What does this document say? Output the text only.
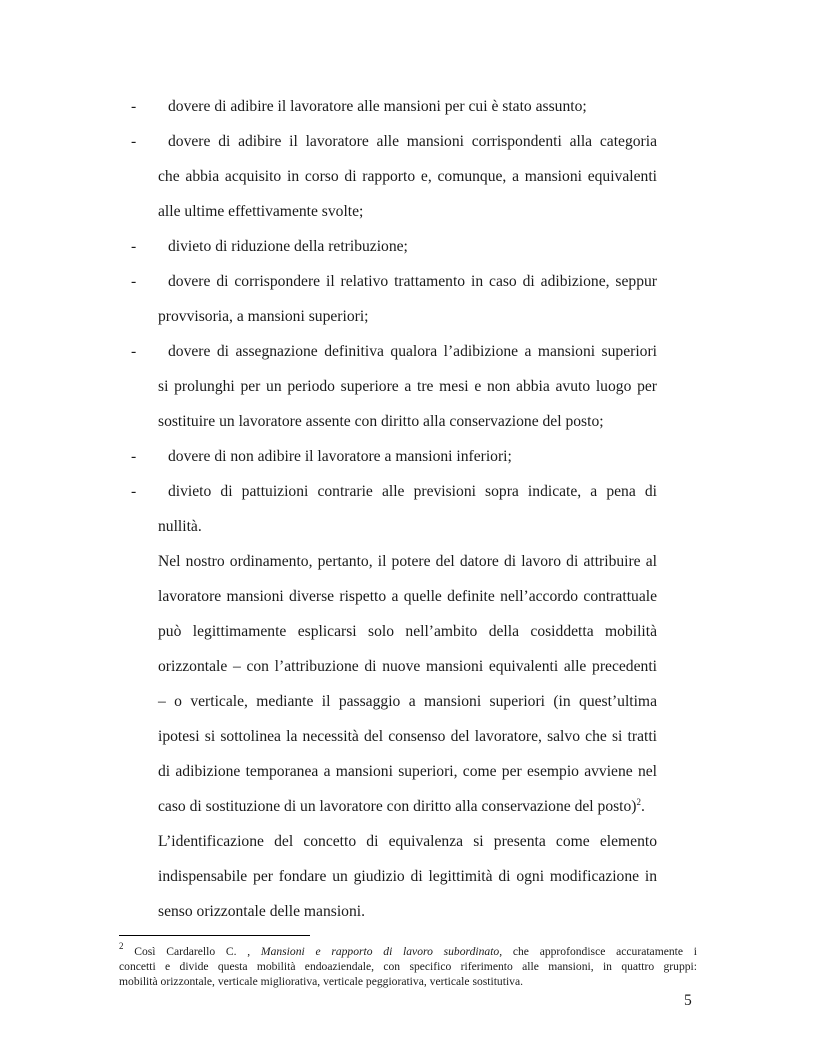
- dovere di adibire il lavoratore alle mansioni per cui è stato assunto;
- dovere di adibire il lavoratore alle mansioni corrispondenti alla categoria
che abbia acquisito in corso di rapporto e, comunque, a mansioni equivalenti
alle ultime effettivamente svolte;
- divieto di riduzione della retribuzione;
- dovere di corrispondere il relativo trattamento in caso di adibizione, seppur
provvisoria, a mansioni superiori;
- dovere di assegnazione definitiva qualora l’adibizione a mansioni superiori
si prolunghi per un periodo superiore a tre mesi e non abbia avuto luogo per
sostituire un lavoratore assente con diritto alla conservazione del posto;
- dovere di non adibire il lavoratore a mansioni inferiori;
- divieto di pattuizioni contrarie alle previsioni sopra indicate, a pena di
nullità.
Nel nostro ordinamento, pertanto, il potere del datore di lavoro di attribuire al
lavoratore mansioni diverse rispetto a quelle definite nell’accordo contrattuale
può legittimamente esplicarsi solo nell’ambito della cosiddetta mobilità
orizzontale – con l’attribuzione di nuove mansioni equivalenti alle precedenti
– o verticale, mediante il passaggio a mansioni superiori (in quest’ultima
ipotesi si sottolinea la necessità del consenso del lavoratore, salvo che si tratti
di adibizione temporanea a mansioni superiori, come per esempio avviene nel
caso di sostituzione di un lavoratore con diritto alla conservazione del posto)$^2$.
L’identificazione del concetto di equivalenza si presenta come elemento
indispensabile per fondare un giudizio di legittimità di ogni modificazione in
senso orizzontale delle mansioni.
$^2$ Così Cardarello C. , Mansioni e rapporto di lavoro subordinato, che approfondisce accuratamente i
concetti e divide questa mobilità endoaziendale, con specifico riferimento alle mansioni, in quattro gruppi:
mobilità orizzontale, verticale migliorativa, verticale peggiorativa, verticale sostitutiva.
5
